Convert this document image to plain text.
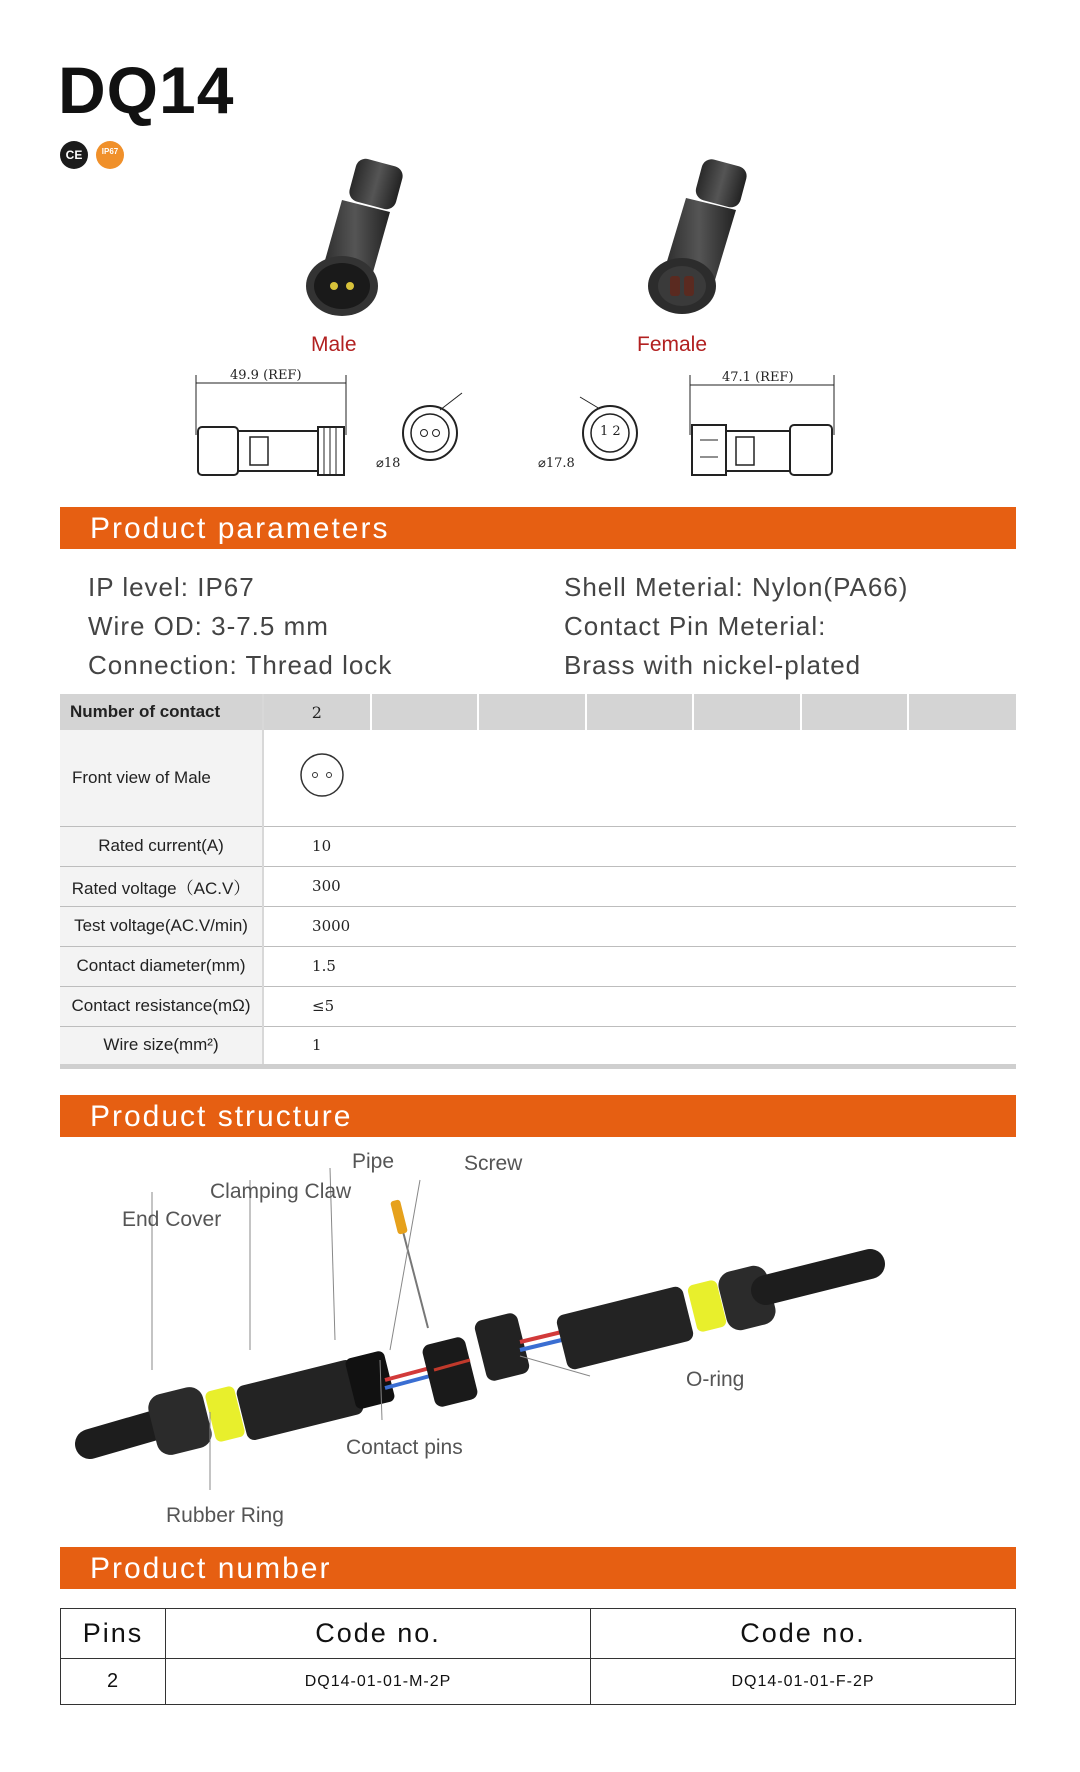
DQ14
CE	IP67
Male	Female
49.9 (REF)
⌀18
1 2
⌀17.8
47.1 (REF)
Product parameters
IP level: IP67
Wire OD: 3-7.5 mm
Connection: Thread lock
Shell Meterial: Nylon(PA66)
Contact Pin Meterial:
Brass with nickel-plated
Number of contact	2						
Front view of Male	
Rated current(A)	10						
Rated voltage（AC.V）	300						
Test voltage(AC.V/min)	3000						
Contact diameter(mm)	1.5						
Contact resistance(mΩ)	≤5						
Wire size(mm²)	1						
Product structure
Pipe	Screw
Clamping Claw
End Cover
O-ring
Contact pins
Rubber Ring
Product number
Pins	Code no.	Code no.
2	DQ14-01-01-M-2P	DQ14-01-01-F-2P
